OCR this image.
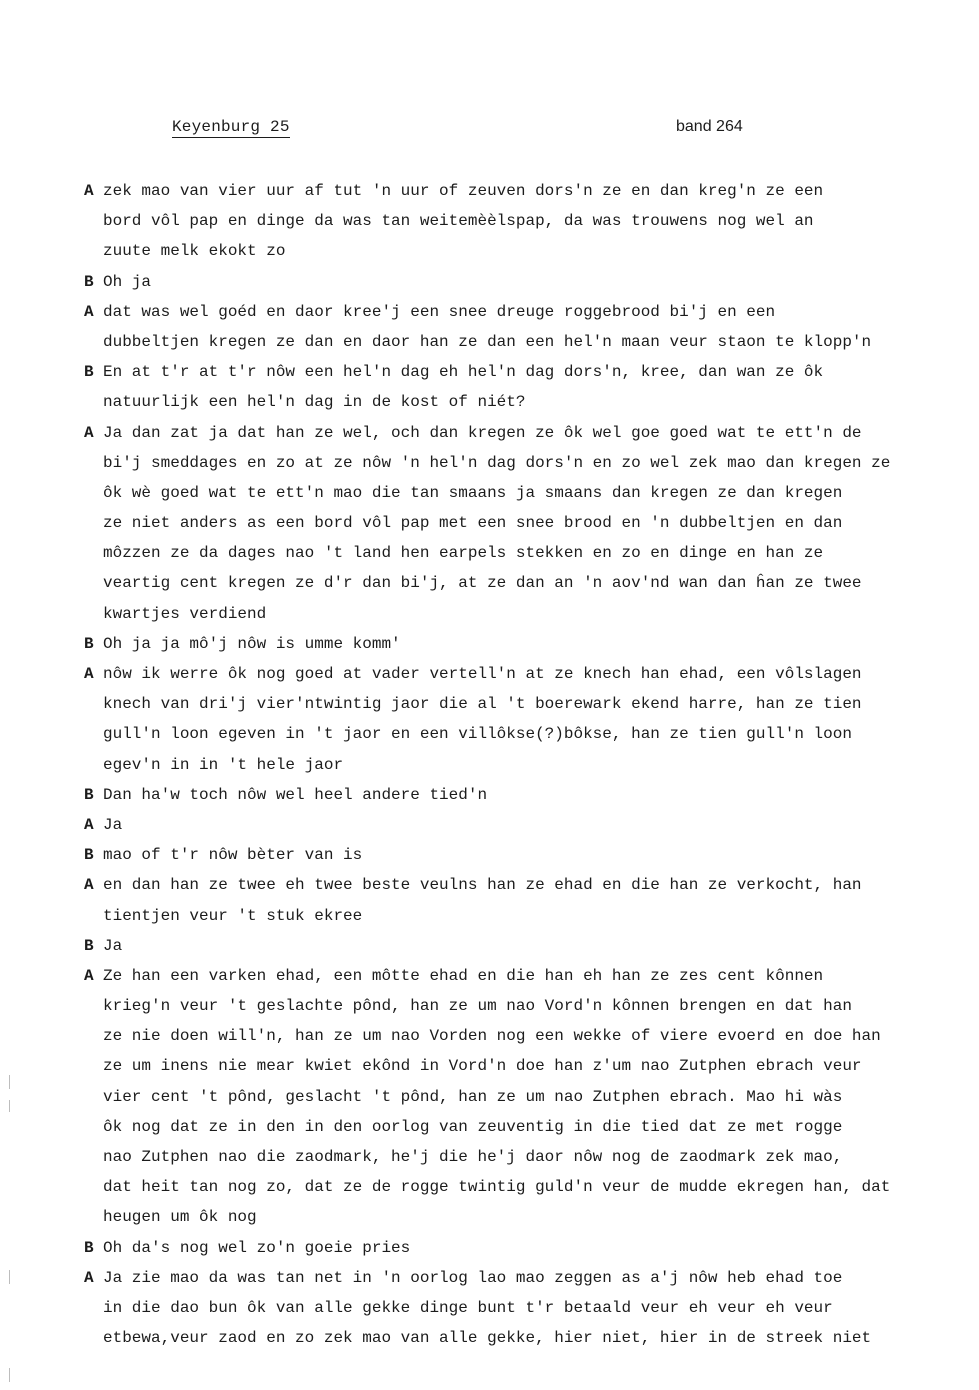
Keyenburg 25	band 264
A zek mao van vier uur af tut 'n uur of zeuven dors'n ze en dan kreg'n ze een
bord vôl pap en dinge da was tan weitemèèlspap, da was trouwens nog wel an
zuute melk ekokt zo
B Oh ja
A dat was wel goéd en daor kree'j een snee dreuge roggebrood bi'j en een
dubbeltjen kregen ze dan en daor han ze dan een hel'n maan veur staon te klopp'n
B En at t'r at t'r nôw een hel'n dag eh hel'n dag dors'n, kree, dan wan ze ôk
natuurlijk een hel'n dag in de kost of niét?
A Ja dan zat ja dat han ze wel, och dan kregen ze ôk wel goe goed wat te ett'n de
bi'j smeddages en zo at ze nôw 'n hel'n dag dors'n en zo wel zek mao dan kregen ze
ôk wè goed wat te ett'n mao die tan smaans ja smaans dan kregen ze dan kregen
ze niet anders as een bord vôl pap met een snee brood en 'n dubbeltjen en dan
môzzen ze da dages nao 't land hen earpels stekken en zo en dinge en han ze
veartig cent kregen ze d'r dan bi'j, at ze dan an 'n aov'nd wan dan ĥan ze twee
kwartjes verdiend
B Oh ja ja mô'j nôw is umme komm'
A nôw ik werre ôk nog goed at vader vertell'n at ze knech han ehad, een vôlslagen
knech van dri'j vier'ntwintig jaor die al 't boerewark ekend harre, han ze tien
gull'n loon egeven in 't jaor en een villôkse(?)bôkse, han ze tien gull'n loon
egev'n in in 't hele jaor
B Dan ha'w toch nôw wel heel andere tied'n
A Ja
B mao of t'r nôw bèter van is
A en dan han ze twee eh twee beste veulns han ze ehad en die han ze verkocht, han
tientjen veur 't stuk ekree
B Ja
A Ze han een varken ehad, een môtte ehad en die han eh han ze zes cent kônnen
krieg'n veur 't geslachte pônd, han ze um nao Vord'n kônnen brengen en dat han
ze nie doen will'n, han ze um nao Vorden nog een wekke of viere evoerd en doe han
ze um inens nie mear kwiet ekônd in Vord'n doe han z'um nao Zutphen ebrach veur
vier cent 't pônd, geslacht 't pônd, han ze um nao Zutphen ebrach. Mao hi wàs
ôk nog dat ze in den in den oorlog van zeuventig in die tied dat ze met rogge
nao Zutphen nao die zaodmark, he'j die he'j daor nôw nog de zaodmark zek mao,
dat heit tan nog zo, dat ze de rogge twintig guld'n veur de mudde ekregen han, dat
heugen um ôk nog
B Oh da's nog wel zo'n goeie pries
A Ja zie mao da was tan net in 'n oorlog lao mao zeggen as a'j nôw heb ehad toe
in die dao bun ôk van alle gekke dinge bunt t'r betaald veur eh veur eh veur
etbewa,veur zaod en zo zek mao van alle gekke, hier niet, hier in de streek niet
